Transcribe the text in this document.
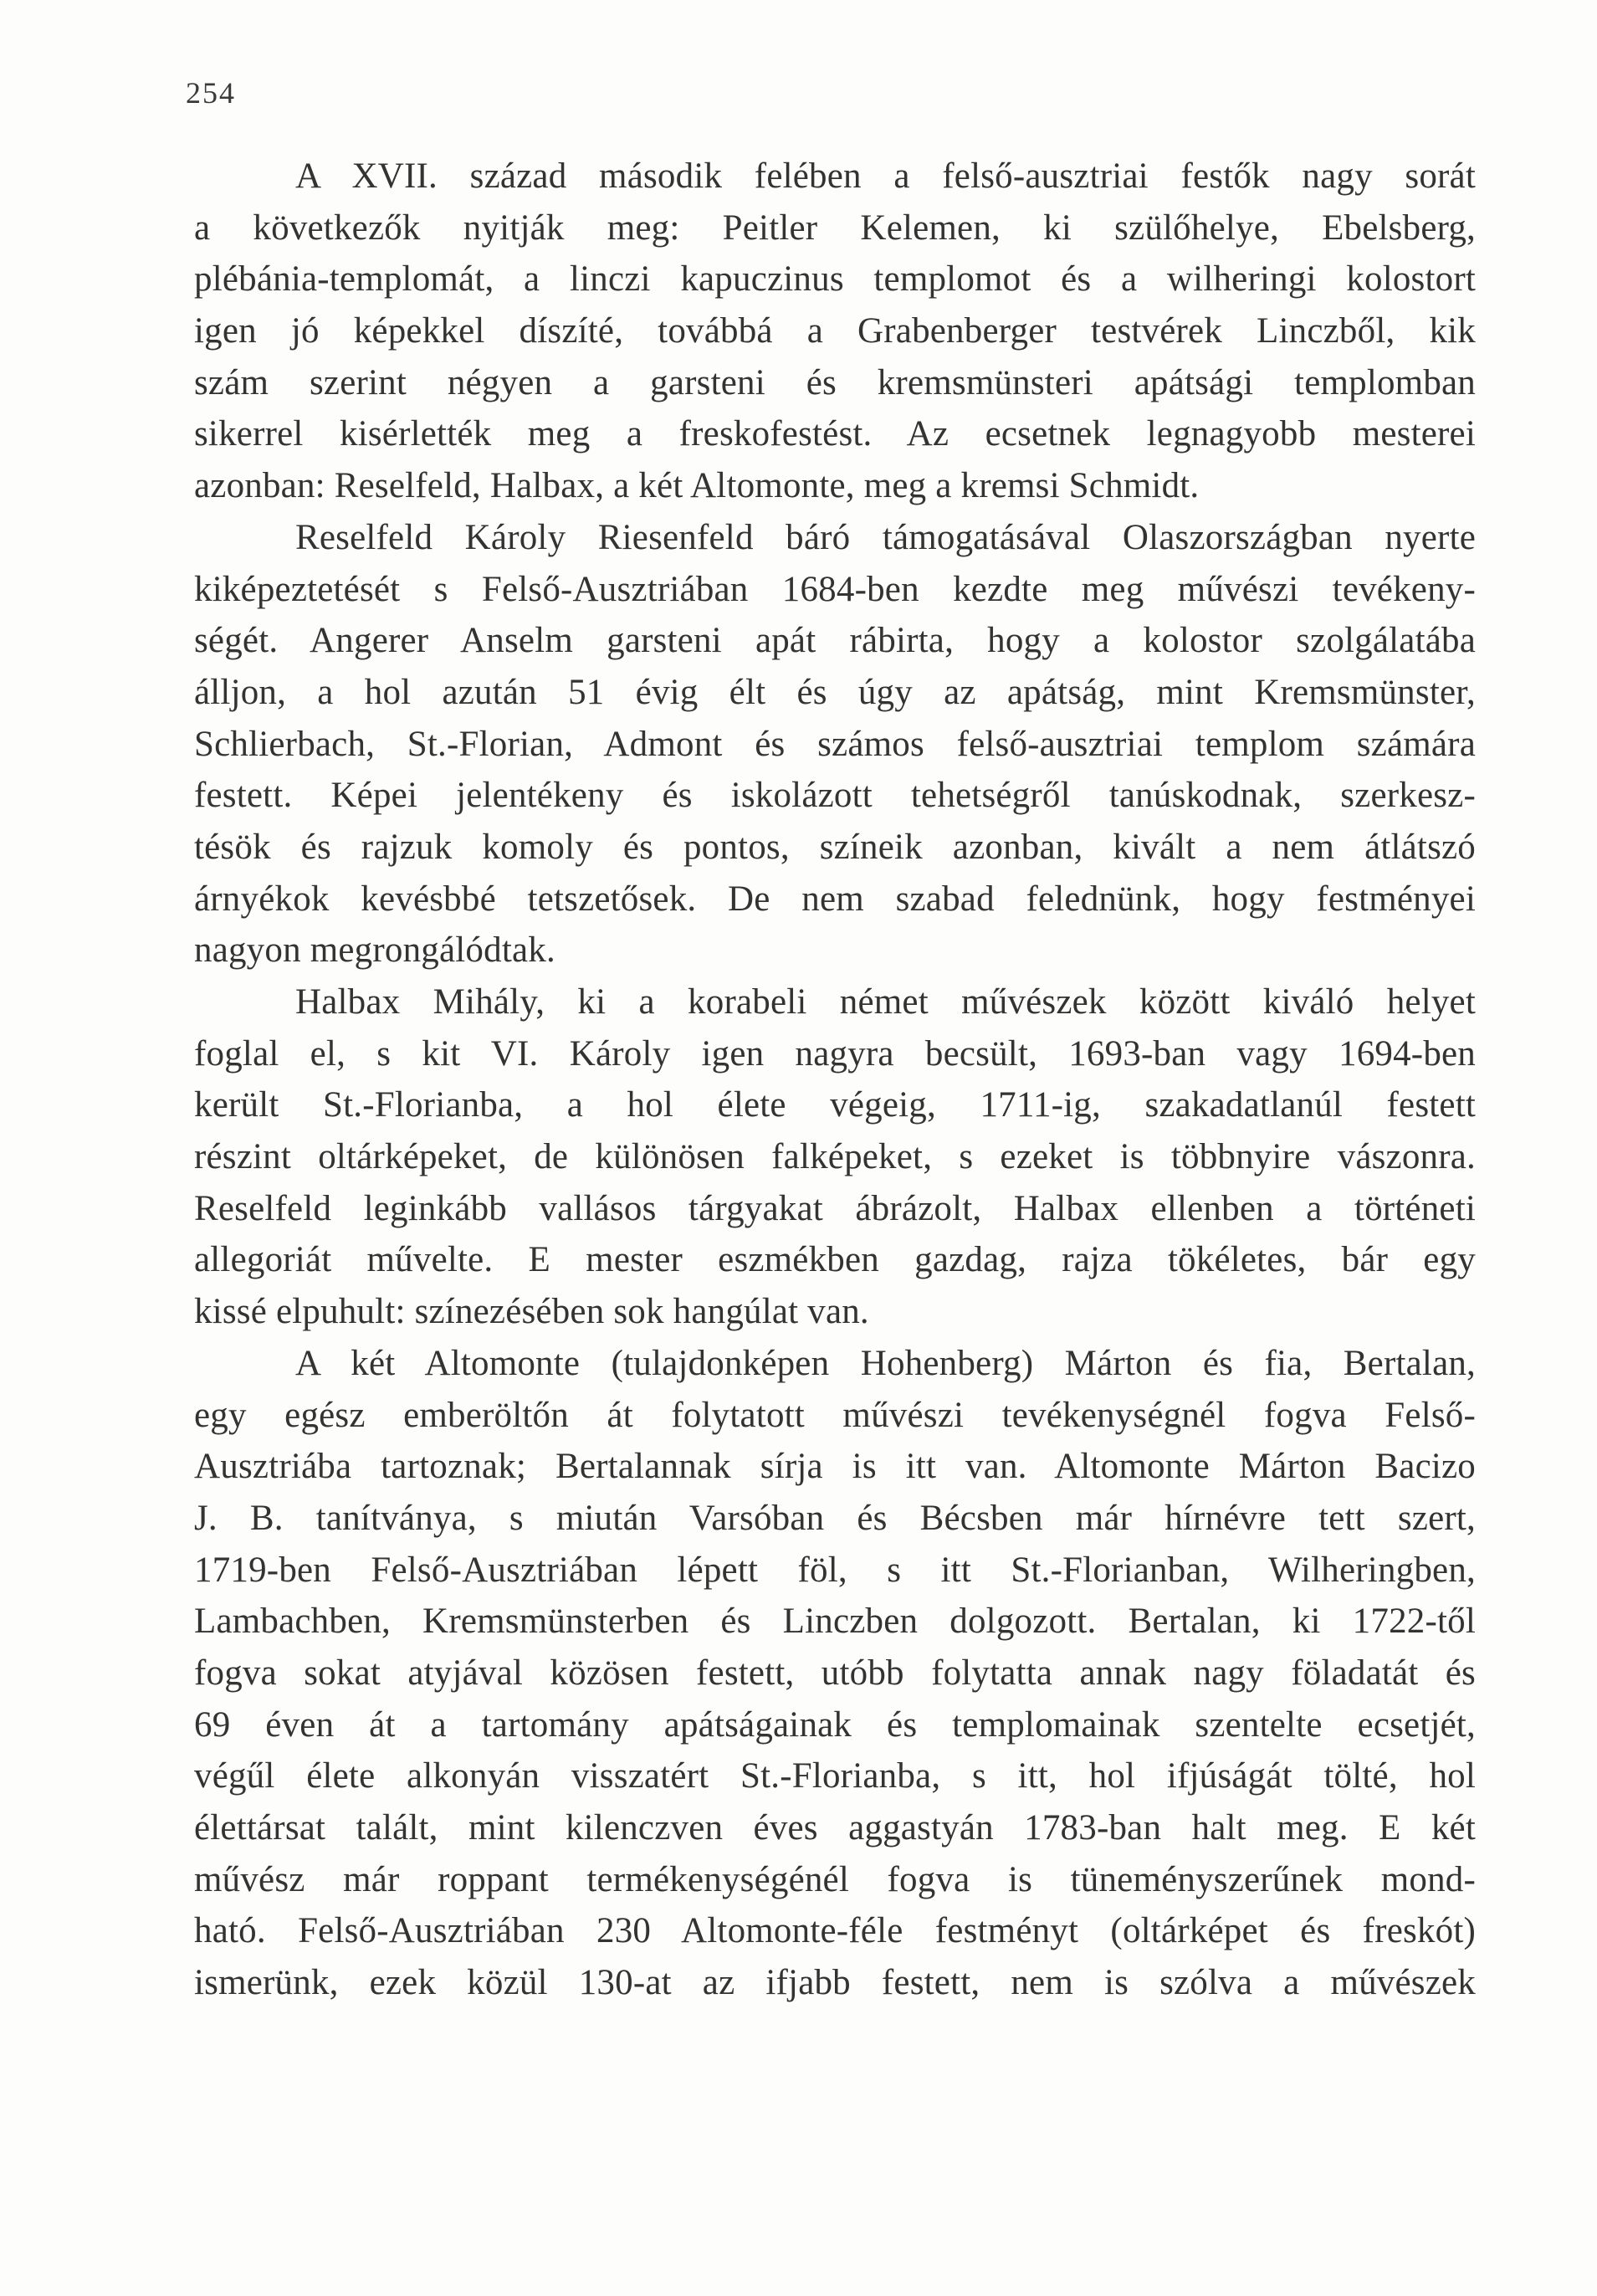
254

A XVII. század második felében a felső-ausztriai festők nagy sorát
a következők nyitják meg: Peitler Kelemen, ki szülőhelye, Ebelsberg,
plébánia-templomát, a linczi kapuczinus templomot és a wilheringi kolostort
igen jó képekkel díszíté, továbbá a Grabenberger testvérek Linczből, kik
szám szerint négyen a garsteni és kremsmünsteri apátsági templomban
sikerrel kisérlették meg a freskofestést. Az ecsetnek legnagyobb mesterei
azonban: Reselfeld, Halbax, a két Altomonte, meg a kremsi Schmidt.

Reselfeld Károly Riesenfeld báró támogatásával Olaszországban nyerte
kiképeztetését s Felső-Ausztriában 1684-ben kezdte meg művészi tevékeny-
ségét. Angerer Anselm garsteni apát rábirta, hogy a kolostor szolgálatába
álljon, a hol azután 51 évig élt és úgy az apátság, mint Kremsmünster,
Schlierbach, St.-Florian, Admont és számos felső-ausztriai templom számára
festett. Képei jelentékeny és iskolázott tehetségről tanúskodnak, szerkesz-
tésök és rajzuk komoly és pontos, színeik azonban, kivált a nem átlátszó
árnyékok kevésbbé tetszetősek. De nem szabad felednünk, hogy festményei
nagyon megrongálódtak.

Halbax Mihály, ki a korabeli német művészek között kiváló helyet
foglal el, s kit VI. Károly igen nagyra becsült, 1693-ban vagy 1694-ben
került St.-Florianba, a hol élete végeig, 1711-ig, szakadatlanúl festett
részint oltárképeket, de különösen falképeket, s ezeket is többnyire vászonra.
Reselfeld leginkább vallásos tárgyakat ábrázolt, Halbax ellenben a történeti
allegoriát művelte. E mester eszmékben gazdag, rajza tökéletes, bár egy
kissé elpuhult: színezésében sok hangúlat van.

A két Altomonte (tulajdonképen Hohenberg) Márton és fia, Bertalan,
egy egész emberöltőn át folytatott művészi tevékenységnél fogva Felső-
Ausztriába tartoznak; Bertalannak sírja is itt van. Altomonte Márton Bacizo
J. B. tanítványa, s miután Varsóban és Bécsben már hírnévre tett szert,
1719-ben Felső-Ausztriában lépett föl, s itt St.-Florianban, Wilheringben,
Lambachben, Kremsmünsterben és Linczben dolgozott. Bertalan, ki 1722-től
fogva sokat atyjával közösen festett, utóbb folytatta annak nagy föladatát és
69 éven át a tartomány apátságainak és templomainak szentelte ecsetjét,
végűl élete alkonyán visszatért St.-Florianba, s itt, hol ifjúságát tölté, hol
élettársat talált, mint kilenczven éves aggastyán 1783-ban halt meg. E két
művész már roppant termékenységénél fogva is tüneményszerűnek mond-
ható. Felső-Ausztriában 230 Altomonte-féle festményt (oltárképet és freskót)
ismerünk, ezek közül 130-at az ifjabb festett, nem is szólva a művészek
